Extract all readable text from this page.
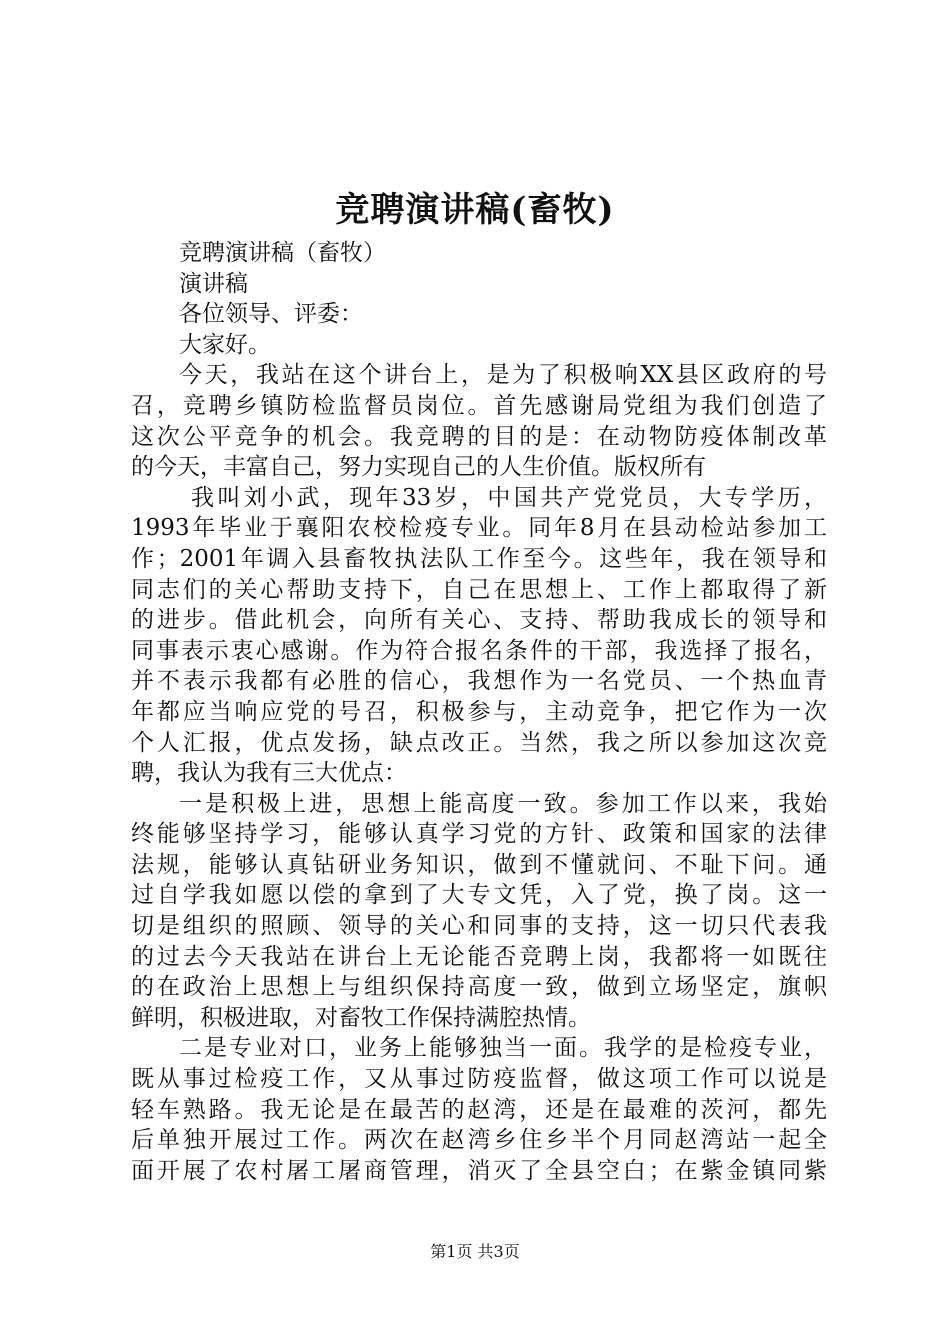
竞聘演讲稿(畜牧)
竞聘演讲稿（畜牧）
演讲稿
各位领导、评委：
大家好。
今天，我站在这个讲台上，是为了积极响XX县区政府的号
召，竞聘乡镇防检监督员岗位。首先感谢局党组为我们创造了
这次公平竞争的机会。我竞聘的目的是：在动物防疫体制改革
的今天，丰富自己，努力实现自己的人生价值。版权所有
我叫刘小武，现年33岁，中国共产党党员，大专学历，
1993年毕业于襄阳农校检疫专业。同年8月在县动检站参加工
作；2001年调入县畜牧执法队工作至今。这些年，我在领导和
同志们的关心帮助支持下，自己在思想上、工作上都取得了新
的进步。借此机会，向所有关心、支持、帮助我成长的领导和
同事表示衷心感谢。作为符合报名条件的干部，我选择了报名，
并不表示我都有必胜的信心，我想作为一名党员、一个热血青
年都应当响应党的号召，积极参与，主动竞争，把它作为一次
个人汇报，优点发扬，缺点改正。当然，我之所以参加这次竞
聘，我认为我有三大优点：
一是积极上进，思想上能高度一致。参加工作以来，我始
终能够坚持学习，能够认真学习党的方针、政策和国家的法律
法规，能够认真钻研业务知识，做到不懂就问、不耻下问。通
过自学我如愿以偿的拿到了大专文凭，入了党，换了岗。这一
切是组织的照顾、领导的关心和同事的支持，这一切只代表我
的过去今天我站在讲台上无论能否竞聘上岗，我都将一如既往
的在政治上思想上与组织保持高度一致，做到立场坚定，旗帜
鲜明，积极进取，对畜牧工作保持满腔热情。
二是专业对口，业务上能够独当一面。我学的是检疫专业，
既从事过检疫工作，又从事过防疫监督，做这项工作可以说是
轻车熟路。我无论是在最苦的赵湾，还是在最难的茨河，都先
后单独开展过工作。两次在赵湾乡住乡半个月同赵湾站一起全
面开展了农村屠工屠商管理，消灭了全县空白；在紫金镇同紫
第1页 共3页
